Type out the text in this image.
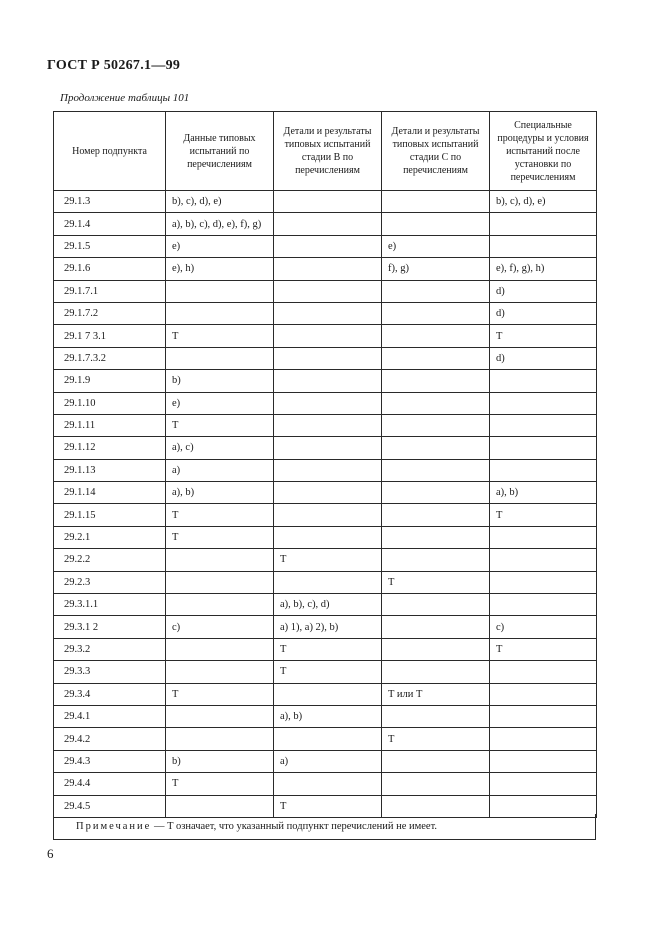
ГОСТ Р 50267.1—99
Продолжение таблицы 101
Номер подпункта	Данные типовых испытаний по перечислениям	Детали и результаты типовых испытаний стадии В по перечислениям	Детали и результаты типовых испытаний стадии С по перечислениям	Специальные процедуры и условия испытаний после установки по перечислениям
29.1.3	b), c), d), e)			b), c), d), e)
29.1.4	a), b), c), d), e), f), g)			
29.1.5	e)		e)	
29.1.6	e), h)		f), g)	e), f), g), h)
29.1.7.1				d)
29.1.7.2				d)
29.1 7 3.1	T			T
29.1.7.3.2				d)
29.1.9	b)			
29.1.10	e)			
29.1.11	T			
29.1.12	a), c)			
29.1.13	a)			
29.1.14	a), b)			a), b)
29.1.15	T			T
29.2.1	T			
29.2.2		T		
29.2.3			T	
29.3.1.1		a), b), c), d)		
29.3.1 2	c)	a) 1), a) 2), b)		c)
29.3.2		T		T
29.3.3		T		
29.3.4	T		T или T	
29.4.1		a), b)		
29.4.2			T	
29.4.3	b)	a)		
29.4.4	T			
29.4.5		T		
Примечание — T означает, что указанный подпункт перечислений не имеет.
6
